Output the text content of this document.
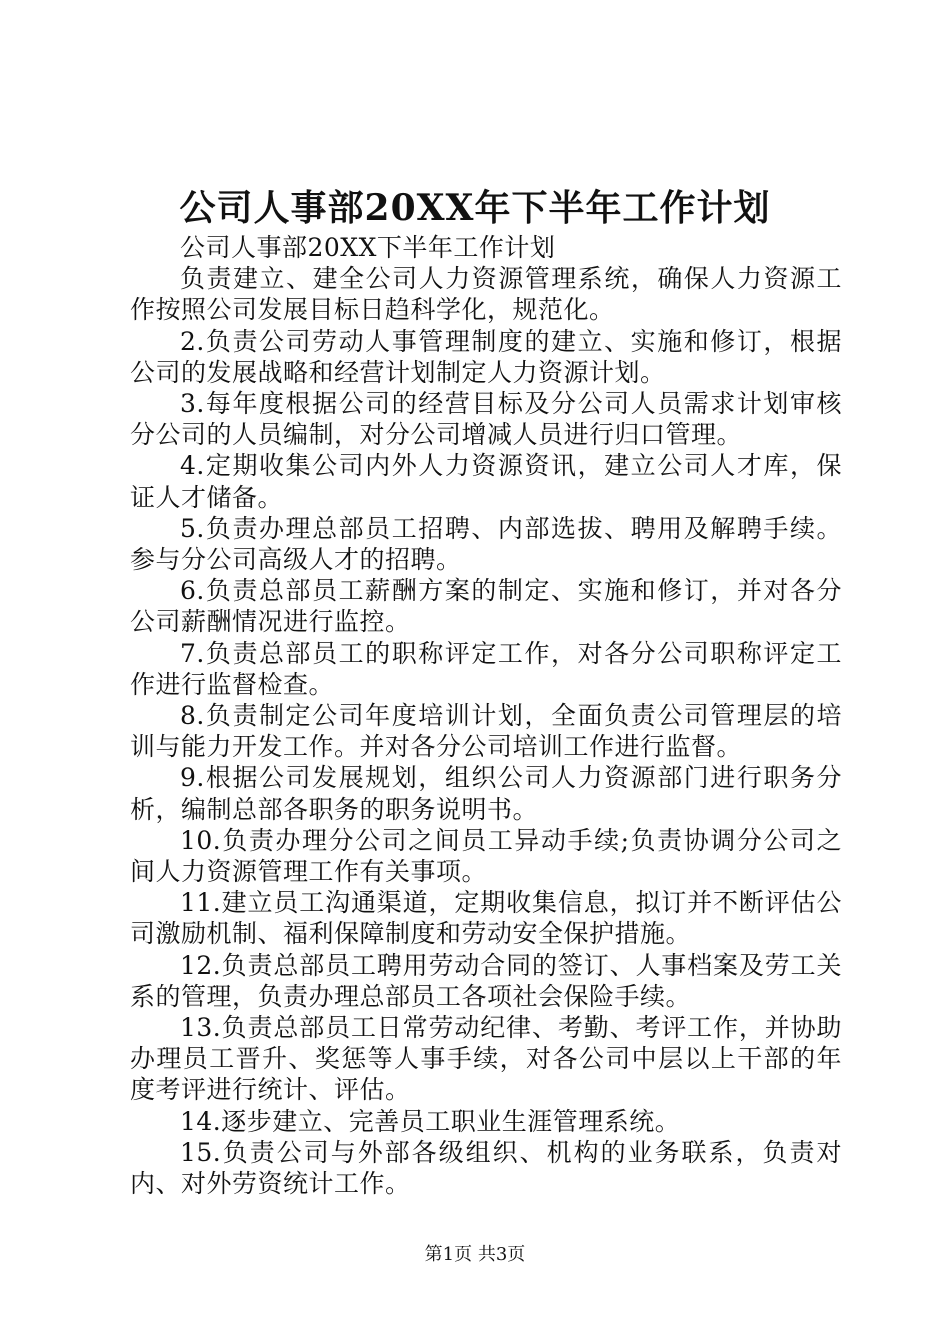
公司人事部20XX年下半年工作计划

公司人事部20XX下半年工作计划

负责建立、建全公司人力资源管理系统，确保人力资源工作按照公司发展目标日趋科学化，规范化。

2.负责公司劳动人事管理制度的建立、实施和修订，根据公司的发展战略和经营计划制定人力资源计划。

3.每年度根据公司的经营目标及分公司人员需求计划审核分公司的人员编制，对分公司增减人员进行归口管理。

4.定期收集公司内外人力资源资讯，建立公司人才库，保证人才储备。

5.负责办理总部员工招聘、内部选拔、聘用及解聘手续。参与分公司高级人才的招聘。

6.负责总部员工薪酬方案的制定、实施和修订，并对各分公司薪酬情况进行监控。

7.负责总部员工的职称评定工作，对各分公司职称评定工作进行监督检查。

8.负责制定公司年度培训计划，全面负责公司管理层的培训与能力开发工作。并对各分公司培训工作进行监督。

9.根据公司发展规划，组织公司人力资源部门进行职务分析，编制总部各职务的职务说明书。

10.负责办理分公司之间员工异动手续;负责协调分公司之间人力资源管理工作有关事项。

11.建立员工沟通渠道，定期收集信息，拟订并不断评估公司激励机制、福利保障制度和劳动安全保护措施。

12.负责总部员工聘用劳动合同的签订、人事档案及劳工关系的管理，负责办理总部员工各项社会保险手续。

13.负责总部员工日常劳动纪律、考勤、考评工作，并协助办理员工晋升、奖惩等人事手续，对各公司中层以上干部的年度考评进行统计、评估。

14.逐步建立、完善员工职业生涯管理系统。

15.负责公司与外部各级组织、机构的业务联系，负责对内、对外劳资统计工作。

第1页 共3页
